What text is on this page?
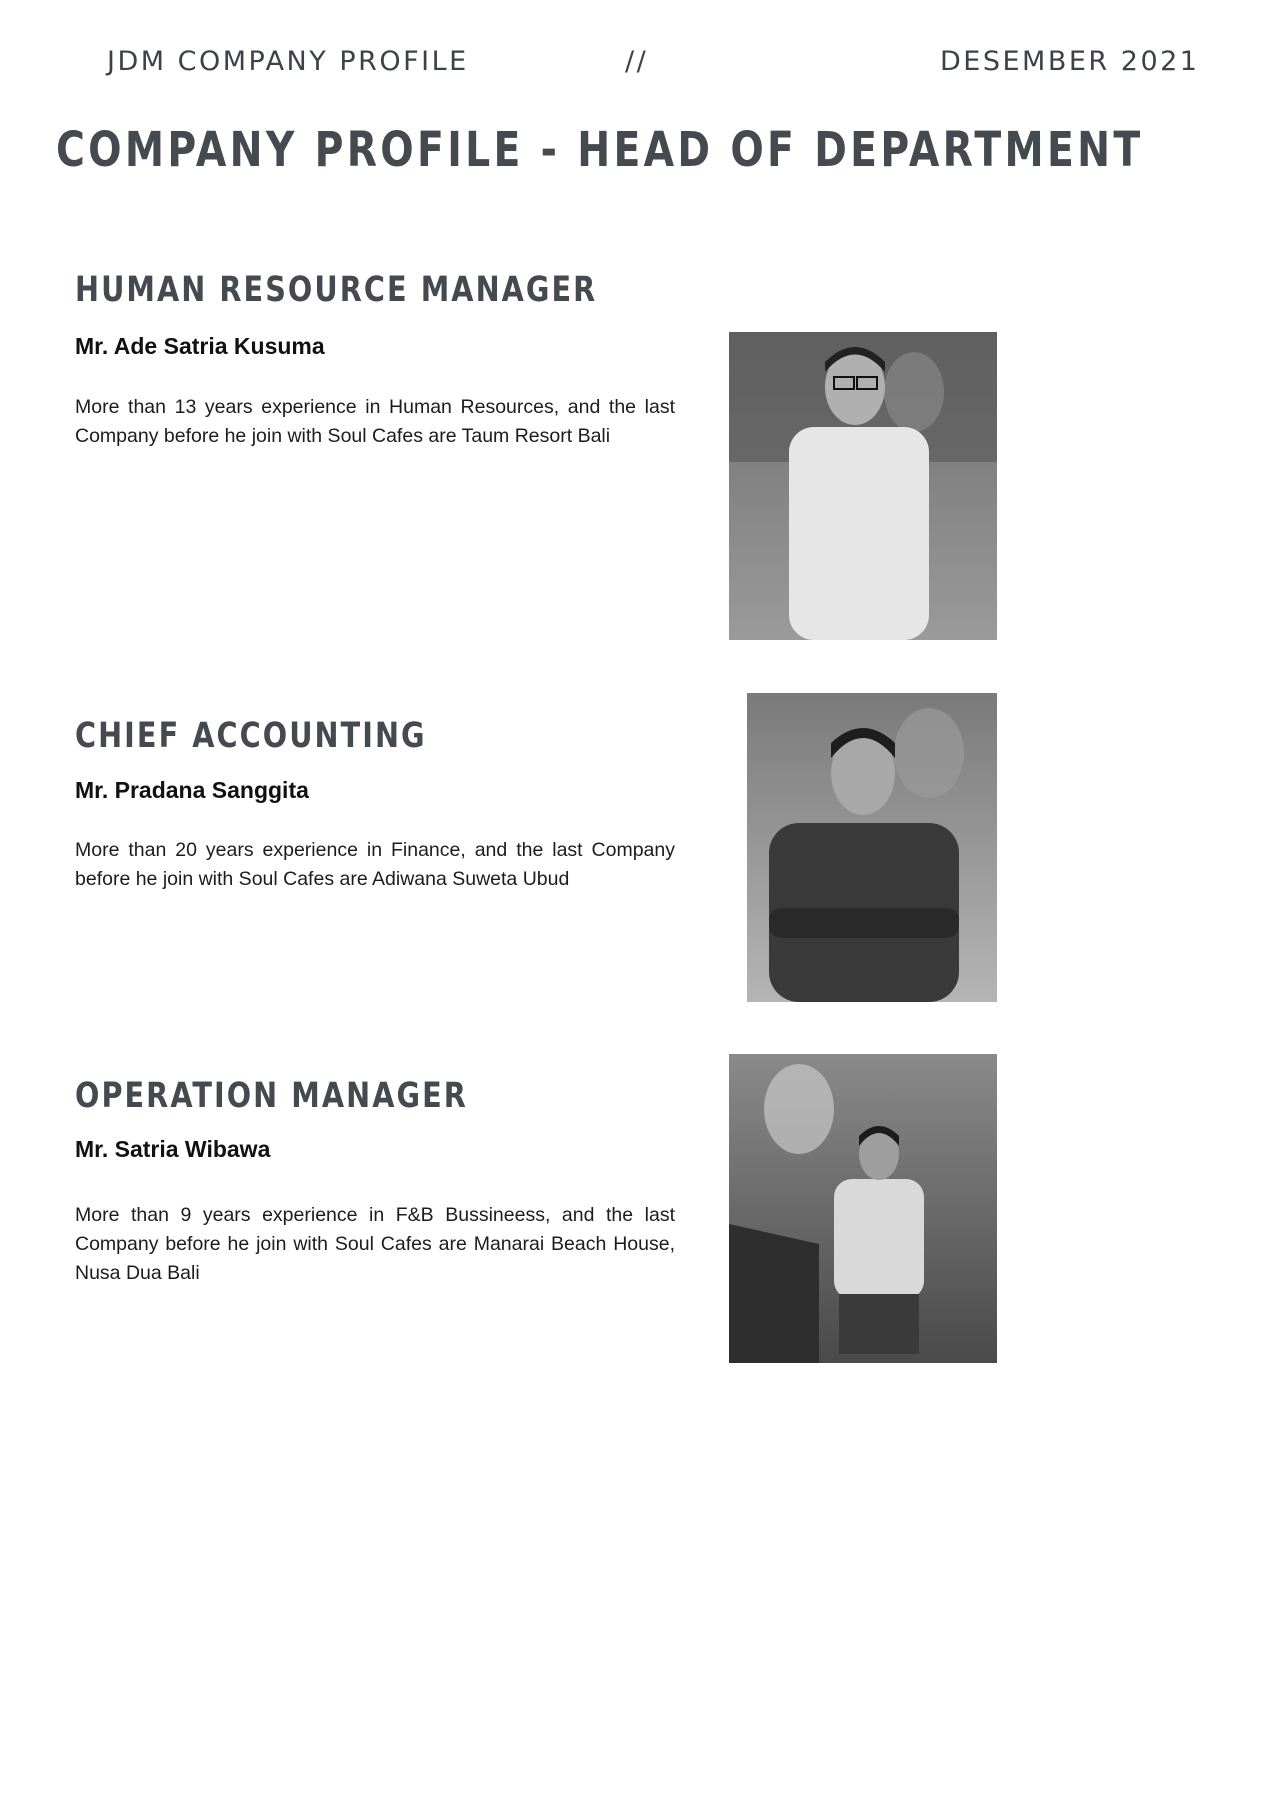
JDM COMPANY PROFILE	//	DESEMBER 2021
COMPANY PROFILE - HEAD OF DEPARTMENT
HUMAN RESOURCE MANAGER

Mr. Ade Satria Kusuma

More than 13 years experience in Human Resources, and the last Company before he join with Soul Cafes are Taum Resort Bali

CHIEF ACCOUNTING

Mr. Pradana Sanggita

More than 20 years experience in Finance, and the last Company before he join with Soul Cafes are Adiwana Suweta Ubud

OPERATION MANAGER

Mr. Satria Wibawa

More than 9 years experience in F&B Bussineess, and the last Company before he join with Soul Cafes are Manarai Beach House, Nusa Dua Bali
